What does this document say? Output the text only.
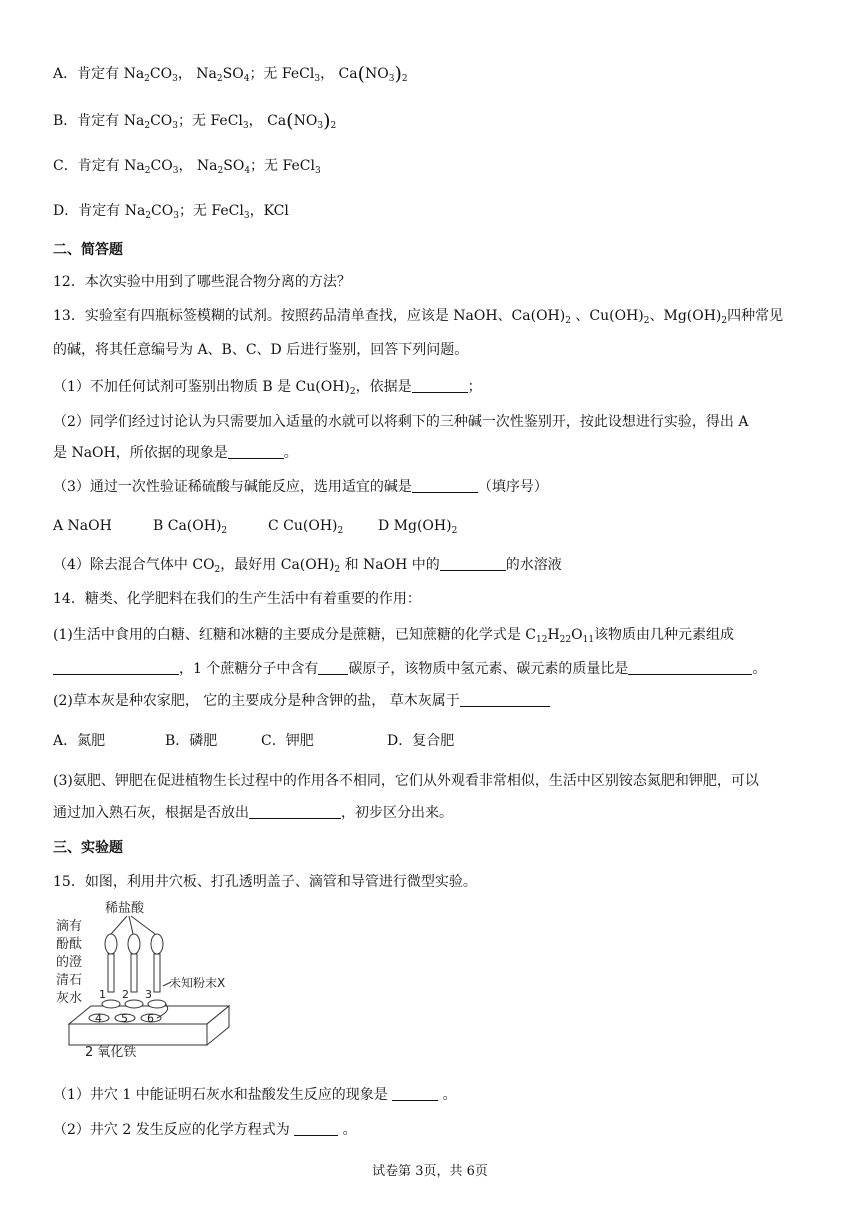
A．肯定有 $Na_2CO_3$， $Na_2SO_4$；无 FeCl$_3$， $Ca(NO_3)_2$
B．肯定有 $Na_2CO_3$；无 FeCl$_3$， $Ca(NO_3)_2$
C．肯定有 $Na_2CO_3$， $Na_2SO_4$；无 FeCl$_3$
D．肯定有 $Na_2CO_3$；无 FeCl$_3$，KCl
二、简答题
12．本次实验中用到了哪些混合物分离的方法？
13．实验室有四瓶标签模糊的试剂。按照药品清单查找，应该是 NaOH、$Ca(OH)_2$ 、$Cu(OH)_2$、$Mg(OH)_2$四种常见
的碱，将其任意编号为 A、B、C、D 后进行鉴别，回答下列问题。
（1）不加任何试剂可鉴别出物质 B 是 $Cu(OH)_2$，依据是	；
（2）同学们经过讨论认为只需要加入适量的水就可以将剩下的三种碱一次性鉴别开，按此设想进行实验，得出 A
是 NaOH，所依据的现象是	。
（3）通过一次性验证稀硫酸与碱能反应，选用适宜的碱是	（填序号）
A NaOH	B $Ca(OH)_2$	C $Cu(OH)_2$ D $Mg(OH)_2$
（4）除去混合气体中 $CO_2$，最好用 $Ca(OH)_2$ 和 NaOH 中的	的水溶液
14．糖类、化学肥料在我们的生产生活中有着重要的作用：
(1)生活中食用的白糖、红糖和冰糖的主要成分是蔗糖，已知蔗糖的化学式是 $C_{12}H_{22}O_{11}$该物质由几种元素组成
，1 个蔗糖分子中含有 碳原子，该物质中氢元素、碳元素的质量比是	。
(2)草本灰是种农家肥， 它的主要成分是种含钾的盐， 草木灰属于
A．氮肥	B．磷肥	C．钾肥	D．复合肥
(3)氨肥、钾肥在促进植物生长过程中的作用各不相同，它们从外观看非常相似，生活中区别铵态氮肥和钾肥，可以
通过加入熟石灰，根据是否放出	，初步区分出来。
三、实验题
15．如图，利用井穴板、打孔透明盖子、滴管和导管进行微型实验。
稀盐酸
滴有
酚酞
的澄
清石
灰水
未知粉末X
2 氧化铁
1 2 3
4 5 6
（1）井穴 1 中能证明石灰水和盐酸发生反应的现象是	。
（2）井穴 2 发生反应的化学方程式为	。
试卷第 3页，共 6页
